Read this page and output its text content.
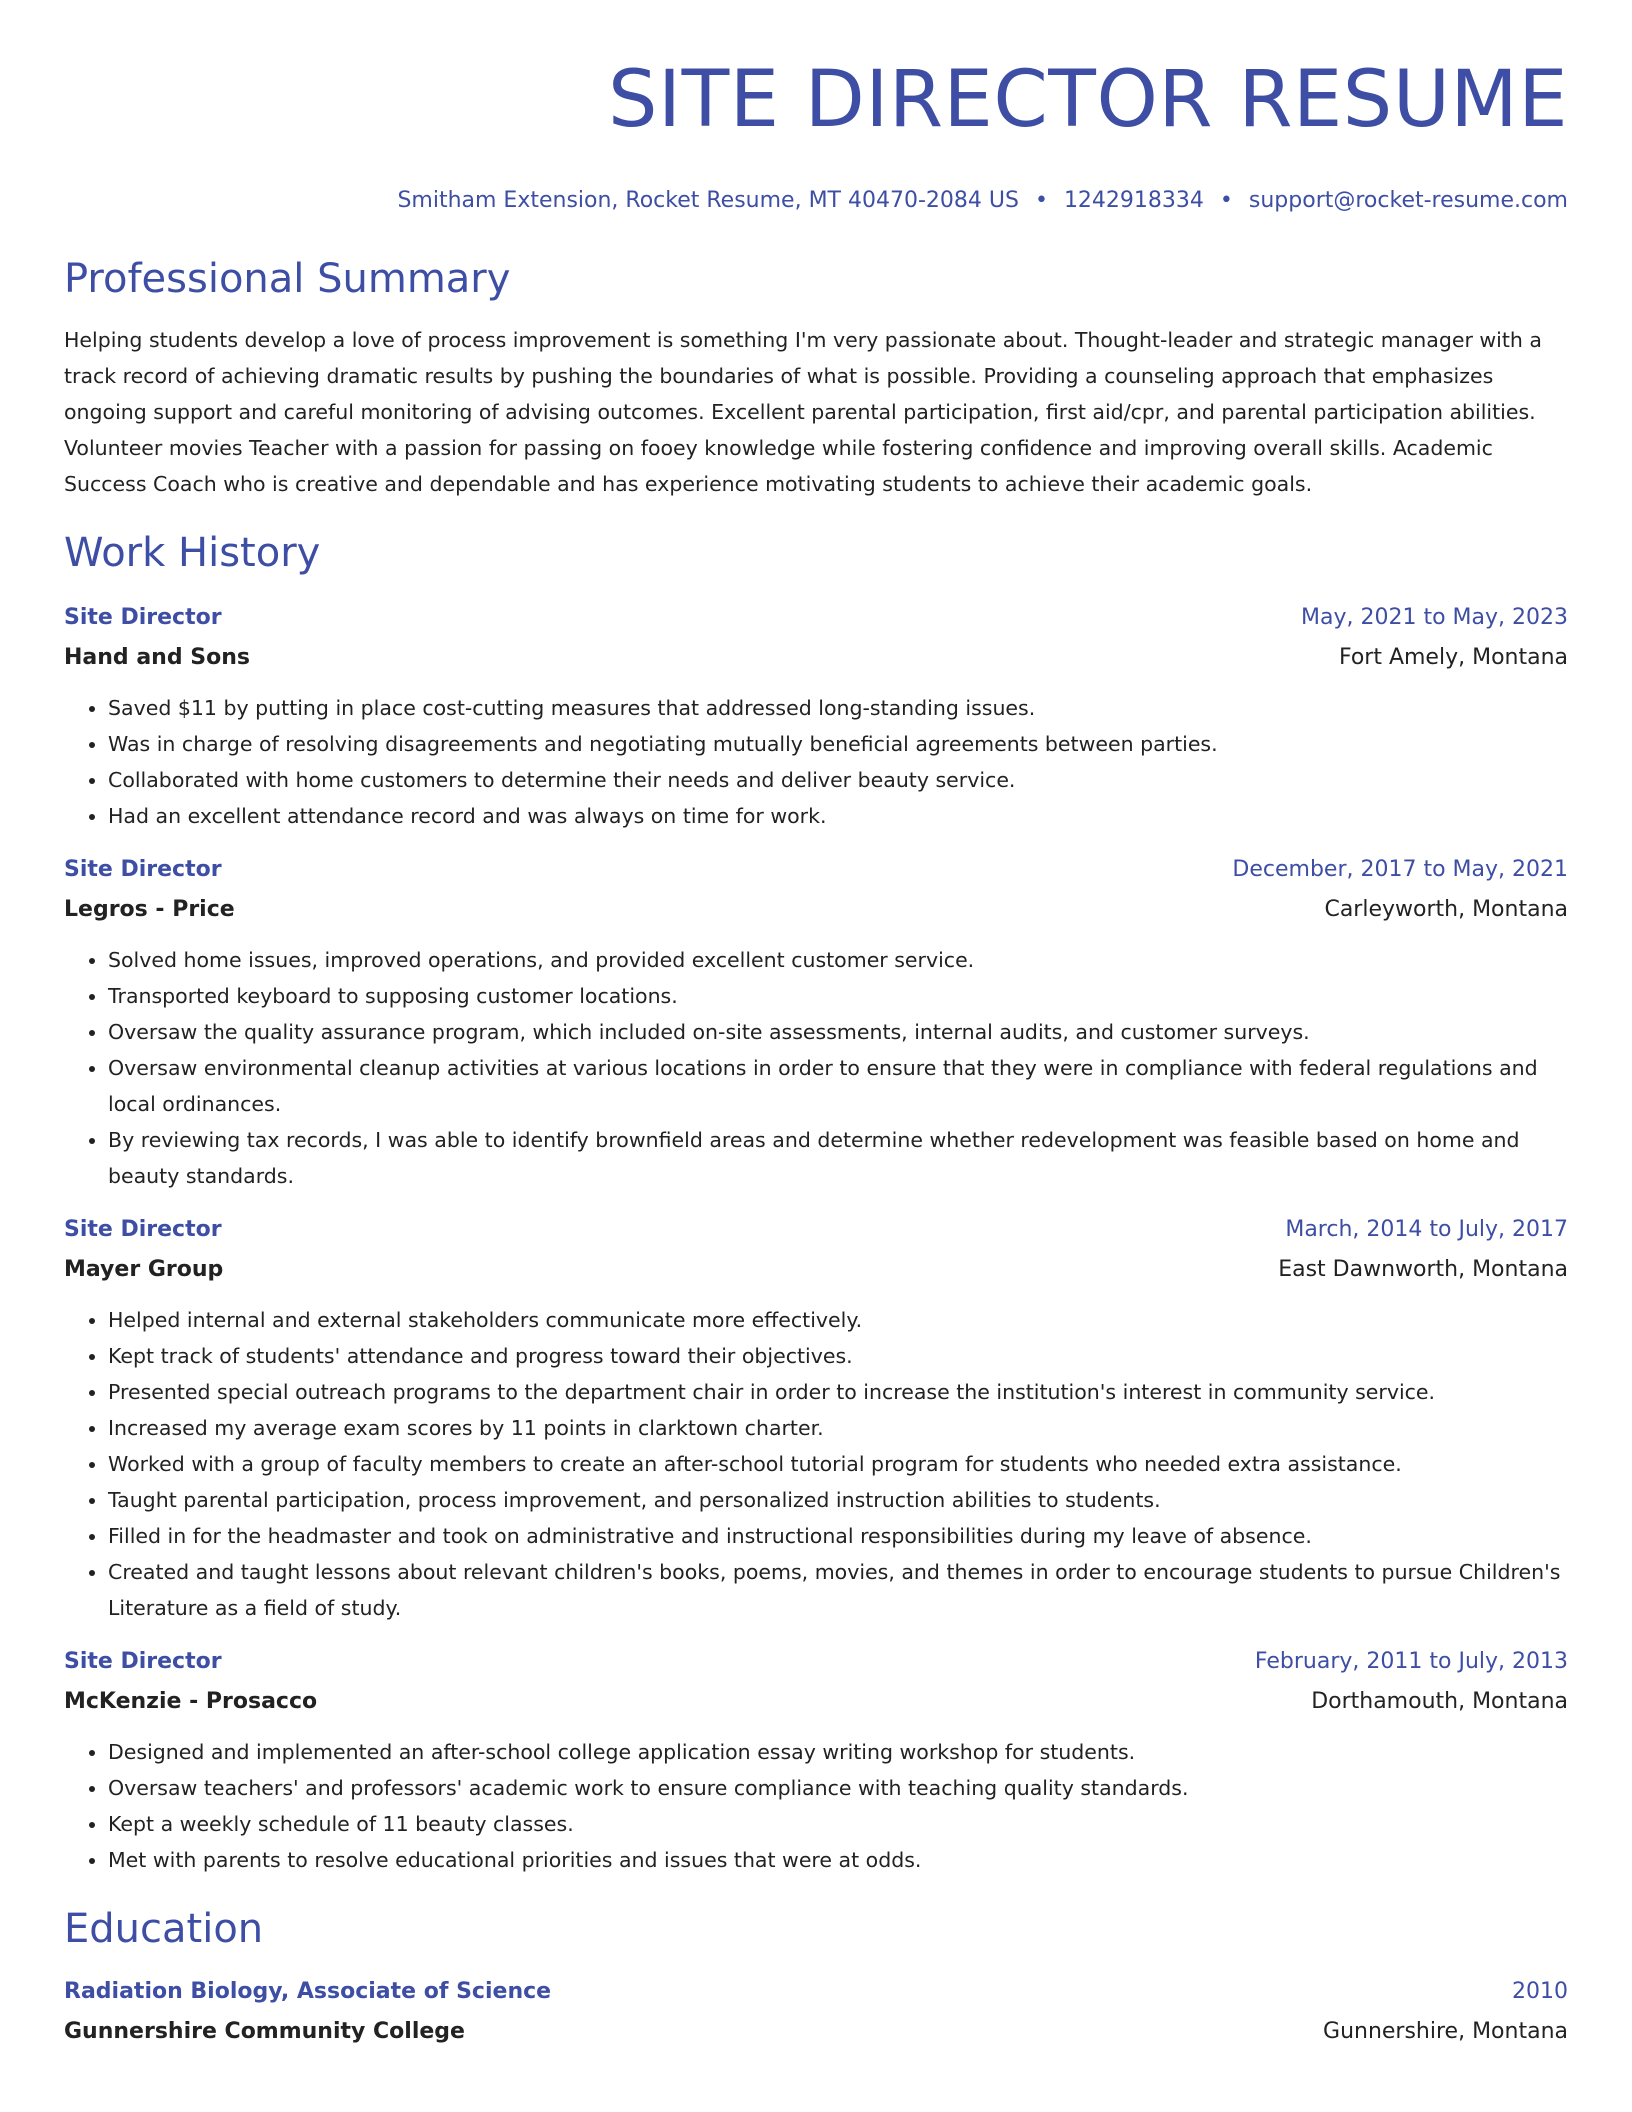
SITE DIRECTOR RESUME
Smitham Extension, Rocket Resume, MT 40470-2084 US • 1242918334 • support@rocket-resume.com
Professional Summary
Helping students develop a love of process improvement is something I'm very passionate about. Thought-leader and strategic manager with a track record of achieving dramatic results by pushing the boundaries of what is possible. Providing a counseling approach that emphasizes ongoing support and careful monitoring of advising outcomes. Excellent parental participation, first aid/cpr, and parental participation abilities. Volunteer movies Teacher with a passion for passing on fooey knowledge while fostering confidence and improving overall skills. Academic Success Coach who is creative and dependable and has experience motivating students to achieve their academic goals.
Work History
Site Director	May, 2021 to May, 2023
Hand and Sons	Fort Amely, Montana
• Saved $11 by putting in place cost-cutting measures that addressed long-standing issues.
• Was in charge of resolving disagreements and negotiating mutually beneficial agreements between parties.
• Collaborated with home customers to determine their needs and deliver beauty service.
• Had an excellent attendance record and was always on time for work.
Site Director	December, 2017 to May, 2021
Legros - Price	Carleyworth, Montana
• Solved home issues, improved operations, and provided excellent customer service.
• Transported keyboard to supposing customer locations.
• Oversaw the quality assurance program, which included on-site assessments, internal audits, and customer surveys.
• Oversaw environmental cleanup activities at various locations in order to ensure that they were in compliance with federal regulations and local ordinances.
• By reviewing tax records, I was able to identify brownfield areas and determine whether redevelopment was feasible based on home and beauty standards.
Site Director	March, 2014 to July, 2017
Mayer Group	East Dawnworth, Montana
• Helped internal and external stakeholders communicate more effectively.
• Kept track of students' attendance and progress toward their objectives.
• Presented special outreach programs to the department chair in order to increase the institution's interest in community service.
• Increased my average exam scores by 11 points in clarktown charter.
• Worked with a group of faculty members to create an after-school tutorial program for students who needed extra assistance.
• Taught parental participation, process improvement, and personalized instruction abilities to students.
• Filled in for the headmaster and took on administrative and instructional responsibilities during my leave of absence.
• Created and taught lessons about relevant children's books, poems, movies, and themes in order to encourage students to pursue Children's Literature as a field of study.
Site Director	February, 2011 to July, 2013
McKenzie - Prosacco	Dorthamouth, Montana
• Designed and implemented an after-school college application essay writing workshop for students.
• Oversaw teachers' and professors' academic work to ensure compliance with teaching quality standards.
• Kept a weekly schedule of 11 beauty classes.
• Met with parents to resolve educational priorities and issues that were at odds.
Education
Radiation Biology, Associate of Science	2010
Gunnershire Community College	Gunnershire, Montana
